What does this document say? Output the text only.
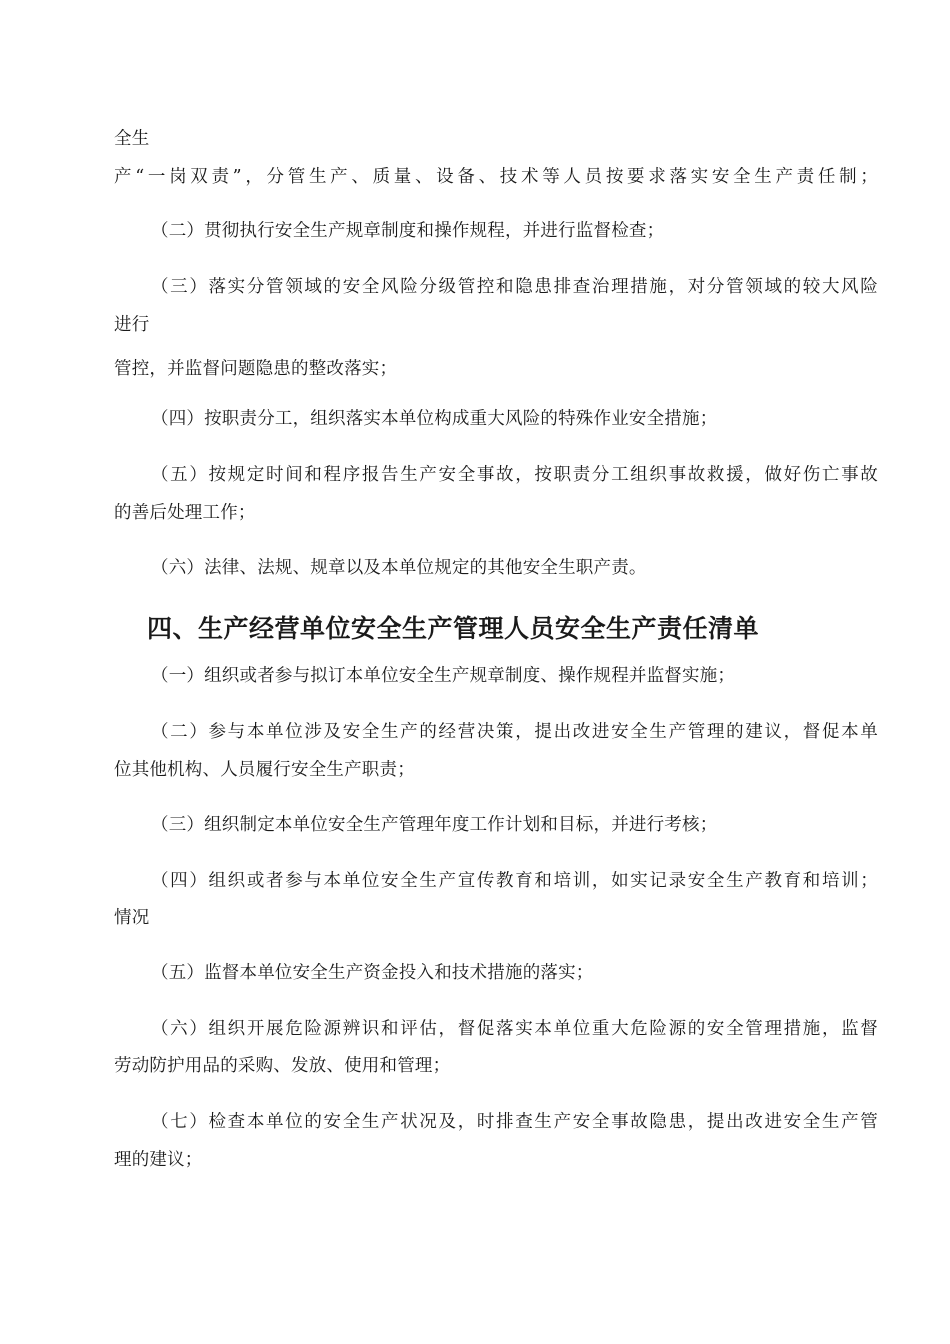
全生
产“一岗双责”，分管生产、质量、设备、技术等人员按要求落实安全生产责任制；
（二）贯彻执行安全生产规章制度和操作规程，并进行监督检查；
（三）落实分管领域的安全风险分级管控和隐患排查治理措施，对分管领域的较大风险
进行
管控，并监督问题隐患的整改落实；
（四）按职责分工，组织落实本单位构成重大风险的特殊作业安全措施；
（五）按规定时间和程序报告生产安全事故，按职责分工组织事故救援，做好伤亡事故
的善后处理工作；
（六）法律、法规、规章以及本单位规定的其他安全生职产责。
四、生产经营单位安全生产管理人员安全生产责任清单
（一）组织或者参与拟订本单位安全生产规章制度、操作规程并监督实施；
（二）参与本单位涉及安全生产的经营决策，提出改进安全生产管理的建议，督促本单
位其他机构、人员履行安全生产职责；
（三）组织制定本单位安全生产管理年度工作计划和目标，并进行考核；
（四）组织或者参与本单位安全生产宣传教育和培训，如实记录安全生产教育和培训；
情况
（五）监督本单位安全生产资金投入和技术措施的落实；
（六）组织开展危险源辨识和评估，督促落实本单位重大危险源的安全管理措施，监督
劳动防护用品的采购、发放、使用和管理；
（七）检查本单位的安全生产状况及，时排查生产安全事故隐患，提出改进安全生产管
理的建议；
